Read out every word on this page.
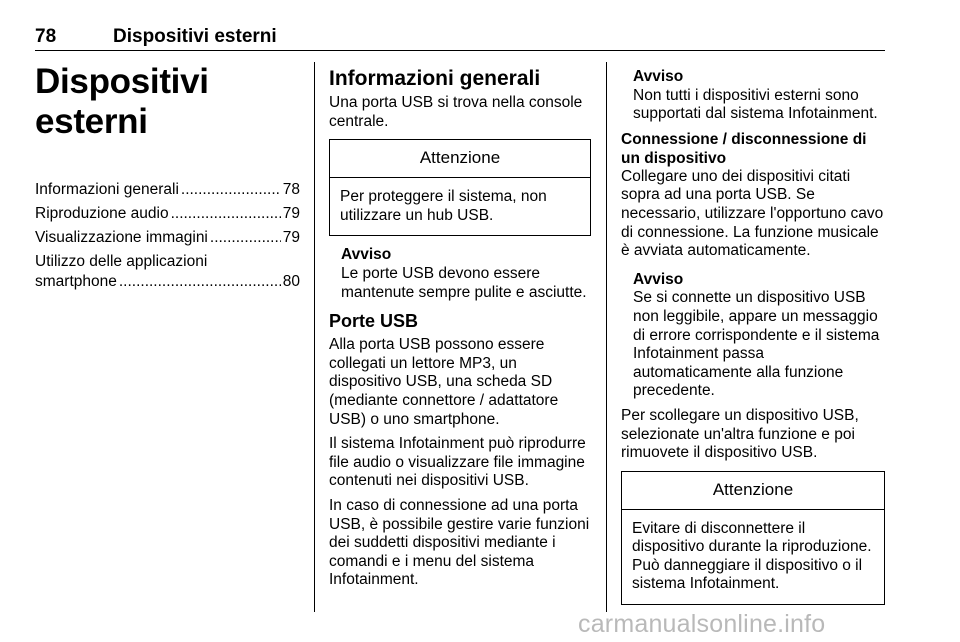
78	Dispositivi esterni
Dispositivi esterni
Informazioni generali .....	78
Riproduzione audio .....	79
Visualizzazione immagini .....	79
Utilizzo delle applicazioni
smartphone .....	80
Informazioni generali

Una porta USB si trova nella console centrale.

Attenzione
Per proteggere il sistema, non utilizzare un hub USB.
Avviso
Le porte USB devono essere mantenute sempre pulite e asciutte.
Porte USB

Alla porta USB possono essere collegati un lettore MP3, un dispositivo USB, una scheda SD (mediante connettore / adattatore USB) o uno smartphone.

Il sistema Infotainment può riprodurre file audio o visualizzare file immagine contenuti nei dispositivi USB.

In caso di connessione ad una porta USB, è possibile gestire varie funzioni dei suddetti dispositivi mediante i comandi e i menu del sistema Infotainment.

Avviso
Non tutti i dispositivi esterni sono supportati dal sistema Infotainment.
Connessione / disconnessione di un dispositivo

Collegare uno dei dispositivi citati sopra ad una porta USB. Se necessario, utilizzare l'opportuno cavo di connessione. La funzione musicale è avviata automaticamente.

Avviso
Se si connette un dispositivo USB non leggibile, appare un messaggio di errore corrispondente e il sistema Infotainment passa automaticamente alla funzione precedente.

Per scollegare un dispositivo USB, selezionate un'altra funzione e poi rimuovete il dispositivo USB.

Attenzione
Evitare di disconnettere il dispositivo durante la riproduzione. Può danneggiare il dispositivo o il sistema Infotainment.
carmanualsonline.info
